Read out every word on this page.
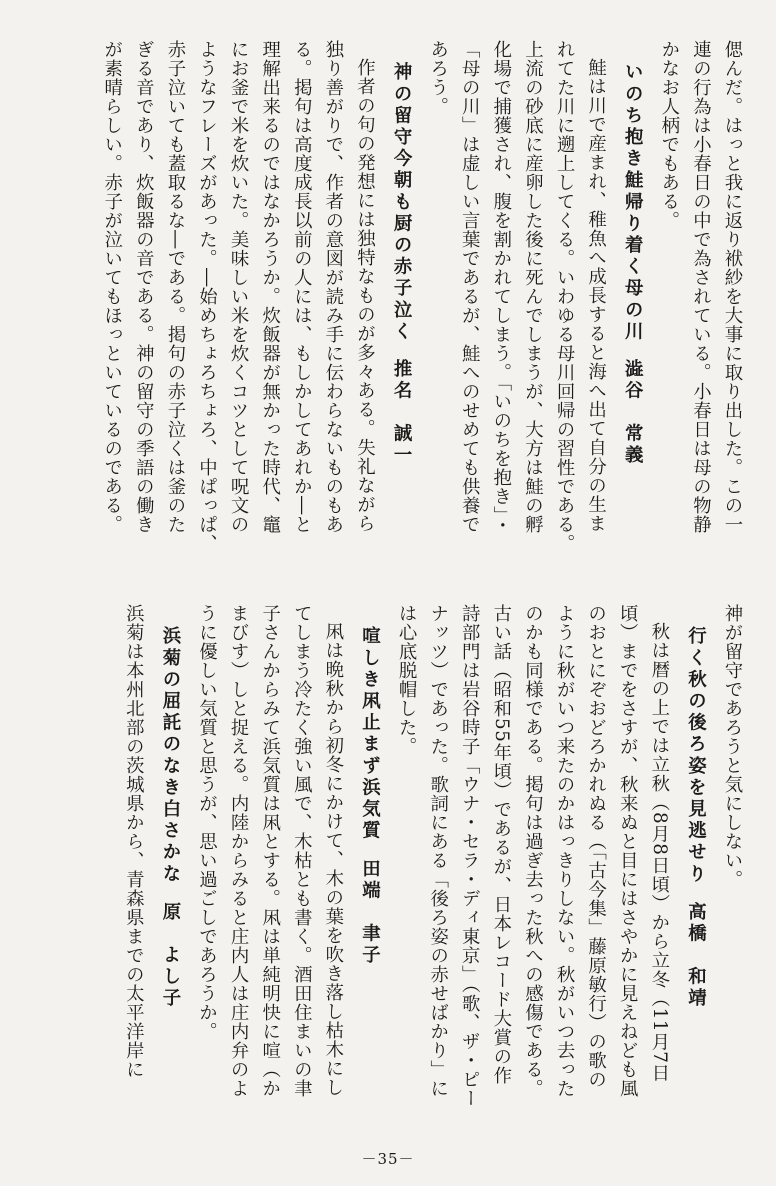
偲んだ。はっと我に返り袱紗を大事に取り出した。この一
連の行為は小春日の中で為されている。小春日は母の物静
かなお人柄でもある。
いのち抱き鮭帰り着く母の川澁谷　常義
鮭は川で産まれ、稚魚へ成長すると海へ出て自分の生ま
れてた川に遡上してくる。いわゆる母川回帰の習性である。
上流の砂底に産卵した後に死んでしまうが、大方は鮭の孵
化場で捕獲され、腹を割かれてしまう。「いのちを抱き」・
「母の川」は虚しい言葉であるが、鮭へのせめても供養で
あろう。
神の留守今朝も厨の赤子泣く推名　誠一
作者の句の発想には独特なものが多々ある。失礼ながら
独り善がりで、作者の意図が読み手に伝わらないものもあ
る。掲句は高度成長以前の人には、もしかしてあれか―と
理解出来るのではなかろうか。炊飯器が無かった時代、竈
にお釜で米を炊いた。美味しい米を炊くコツとして呪文の
ようなフレーズがあった。―始めちょろちょろ、中ぱっぱ、
赤子泣いても蓋取るな―である。掲句の赤子泣くは釜のた
ぎる音であり、炊飯器の音である。神の留守の季語の働き
が素晴らしい。赤子が泣いてもほっといているのである。
神が留守であろうと気にしない。
行く秋の後ろ姿を見逃せり高橋　和靖
秋は暦の上では立秋（8月8日頃）から立冬（11月7日
頃）までをさすが、秋来ぬと目にはさやかに見えねども風
のおとにぞおどろかれぬる（「古今集」藤原敏行）の歌の
ように秋がいつ来たのかはっきりしない。秋がいつ去った
のかも同様である。掲句は過ぎ去った秋への感傷である。
古い話（昭和55年頃）であるが、日本レコード大賞の作
詩部門は岩谷時子「ウナ・セラ・ディ東京」（歌、ザ・ピー
ナッツ）であった。歌詞にある「後ろ姿の赤せばかり」に
は心底脱帽した。
喧しき凩止まず浜気質田端　聿子
凩は晩秋から初冬にかけて、木の葉を吹き落し枯木にし
てしまう冷たく強い風で、木枯とも書く。酒田住まいの聿
子さんからみて浜気質は凩とする。凩は単純明快に喧（か
まびす）しと捉える。内陸からみると庄内人は庄内弁のよ
うに優しい気質と思うが、思い過ごしであろうか。
浜菊の屈託のなき白さかな原　よし子
浜菊は本州北部の茨城県から、青森県までの太平洋岸に
－35－
